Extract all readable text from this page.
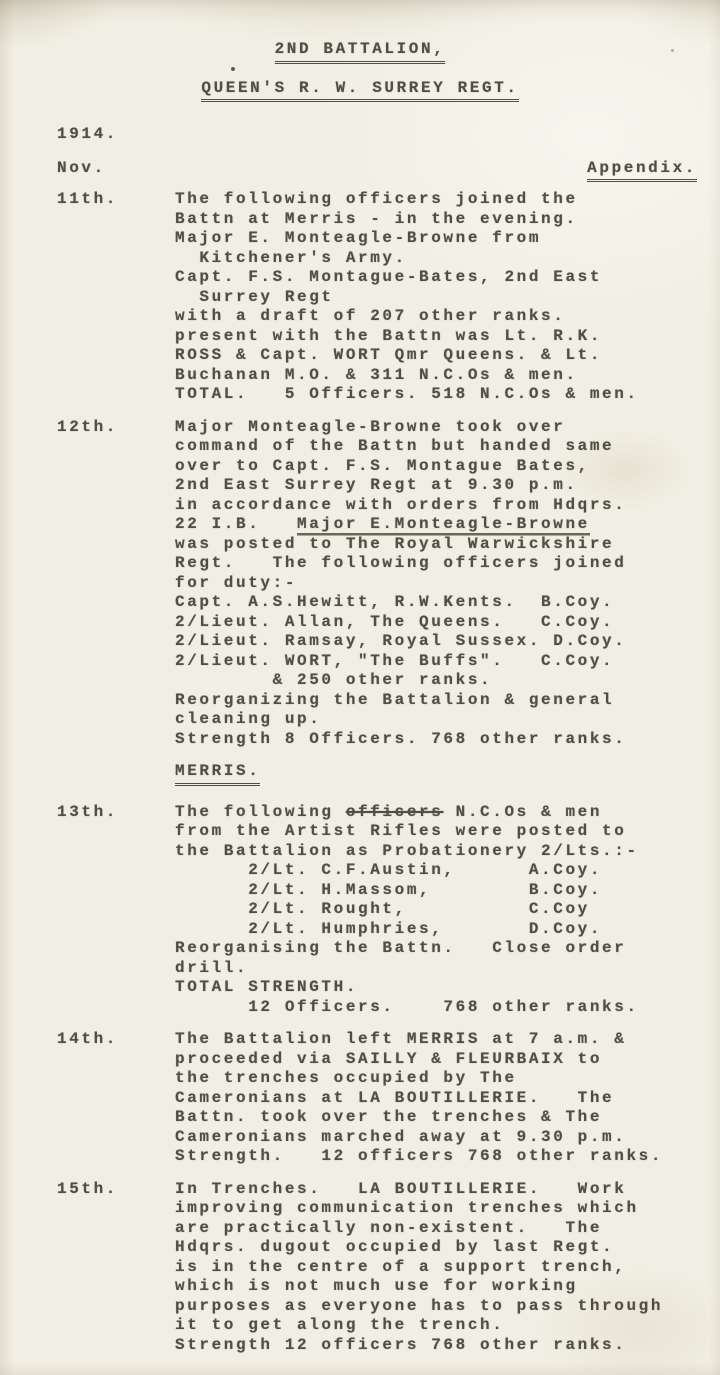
2ND BATTALION,
QUEEN'S R. W. SURREY REGT.
1914.
Nov.	Appendix.
11th.	The following officers joined the
Battn at Merris - in the evening.
Major E. Monteagle-Browne from
Kitchener's Army.
Capt. F.S. Montague-Bates, 2nd East
Surrey Regt
with a draft of 207 other ranks.
present with the Battn was Lt. R.K.
ROSS & Capt. WORT Qmr Queens. & Lt.
Buchanan M.O. & 311 N.C.Os & men.
TOTAL.   5 Officers. 518 N.C.Os & men.
12th.	Major Monteagle-Browne took over
command of the Battn but handed same
over to Capt. F.S. Montague Bates,
2nd East Surrey Regt at 9.30 p.m.
in accordance with orders from Hdqrs.
22 I.B.   Major E.Monteagle-Browne
was posted to The Royal Warwickshire
Regt.   The following officers joined
for duty:-
Capt. A.S.Hewitt, R.W.Kents.  B.Coy.
2/Lieut. Allan, The Queens.   C.Coy.
2/Lieut. Ramsay, Royal Sussex. D.Coy.
2/Lieut. WORT, "The Buffs".   C.Coy.
& 250 other ranks.
Reorganizing the Battalion & general
cleaning up.
Strength 8 Officers. 768 other ranks.
MERRIS.
13th.	The following officers N.C.Os & men
from the Artist Rifles were posted to
the Battalion as Probationery 2/Lts.:-
2/Lt. C.F.Austin,      A.Coy.
2/Lt. H.Massom,        B.Coy.
2/Lt. Rought,          C.Coy
2/Lt. Humphries,       D.Coy.
Reorganising the Battn.   Close order
drill.
TOTAL STRENGTH.
12 Officers.    768 other ranks.
14th.	The Battalion left MERRIS at 7 a.m. &
proceeded via SAILLY & FLEURBAIX to
the trenches occupied by The
Cameronians at LA BOUTILLERIE.   The
Battn. took over the trenches & The
Cameronians marched away at 9.30 p.m.
Strength.   12 officers 768 other ranks.
15th.	In Trenches.   LA BOUTILLERIE.   Work
improving communication trenches which
are practically non-existent.   The
Hdqrs. dugout occupied by last Regt.
is in the centre of a support trench,
which is not much use for working
purposes as everyone has to pass through
it to get along the trench.
Strength 12 officers 768 other ranks.
